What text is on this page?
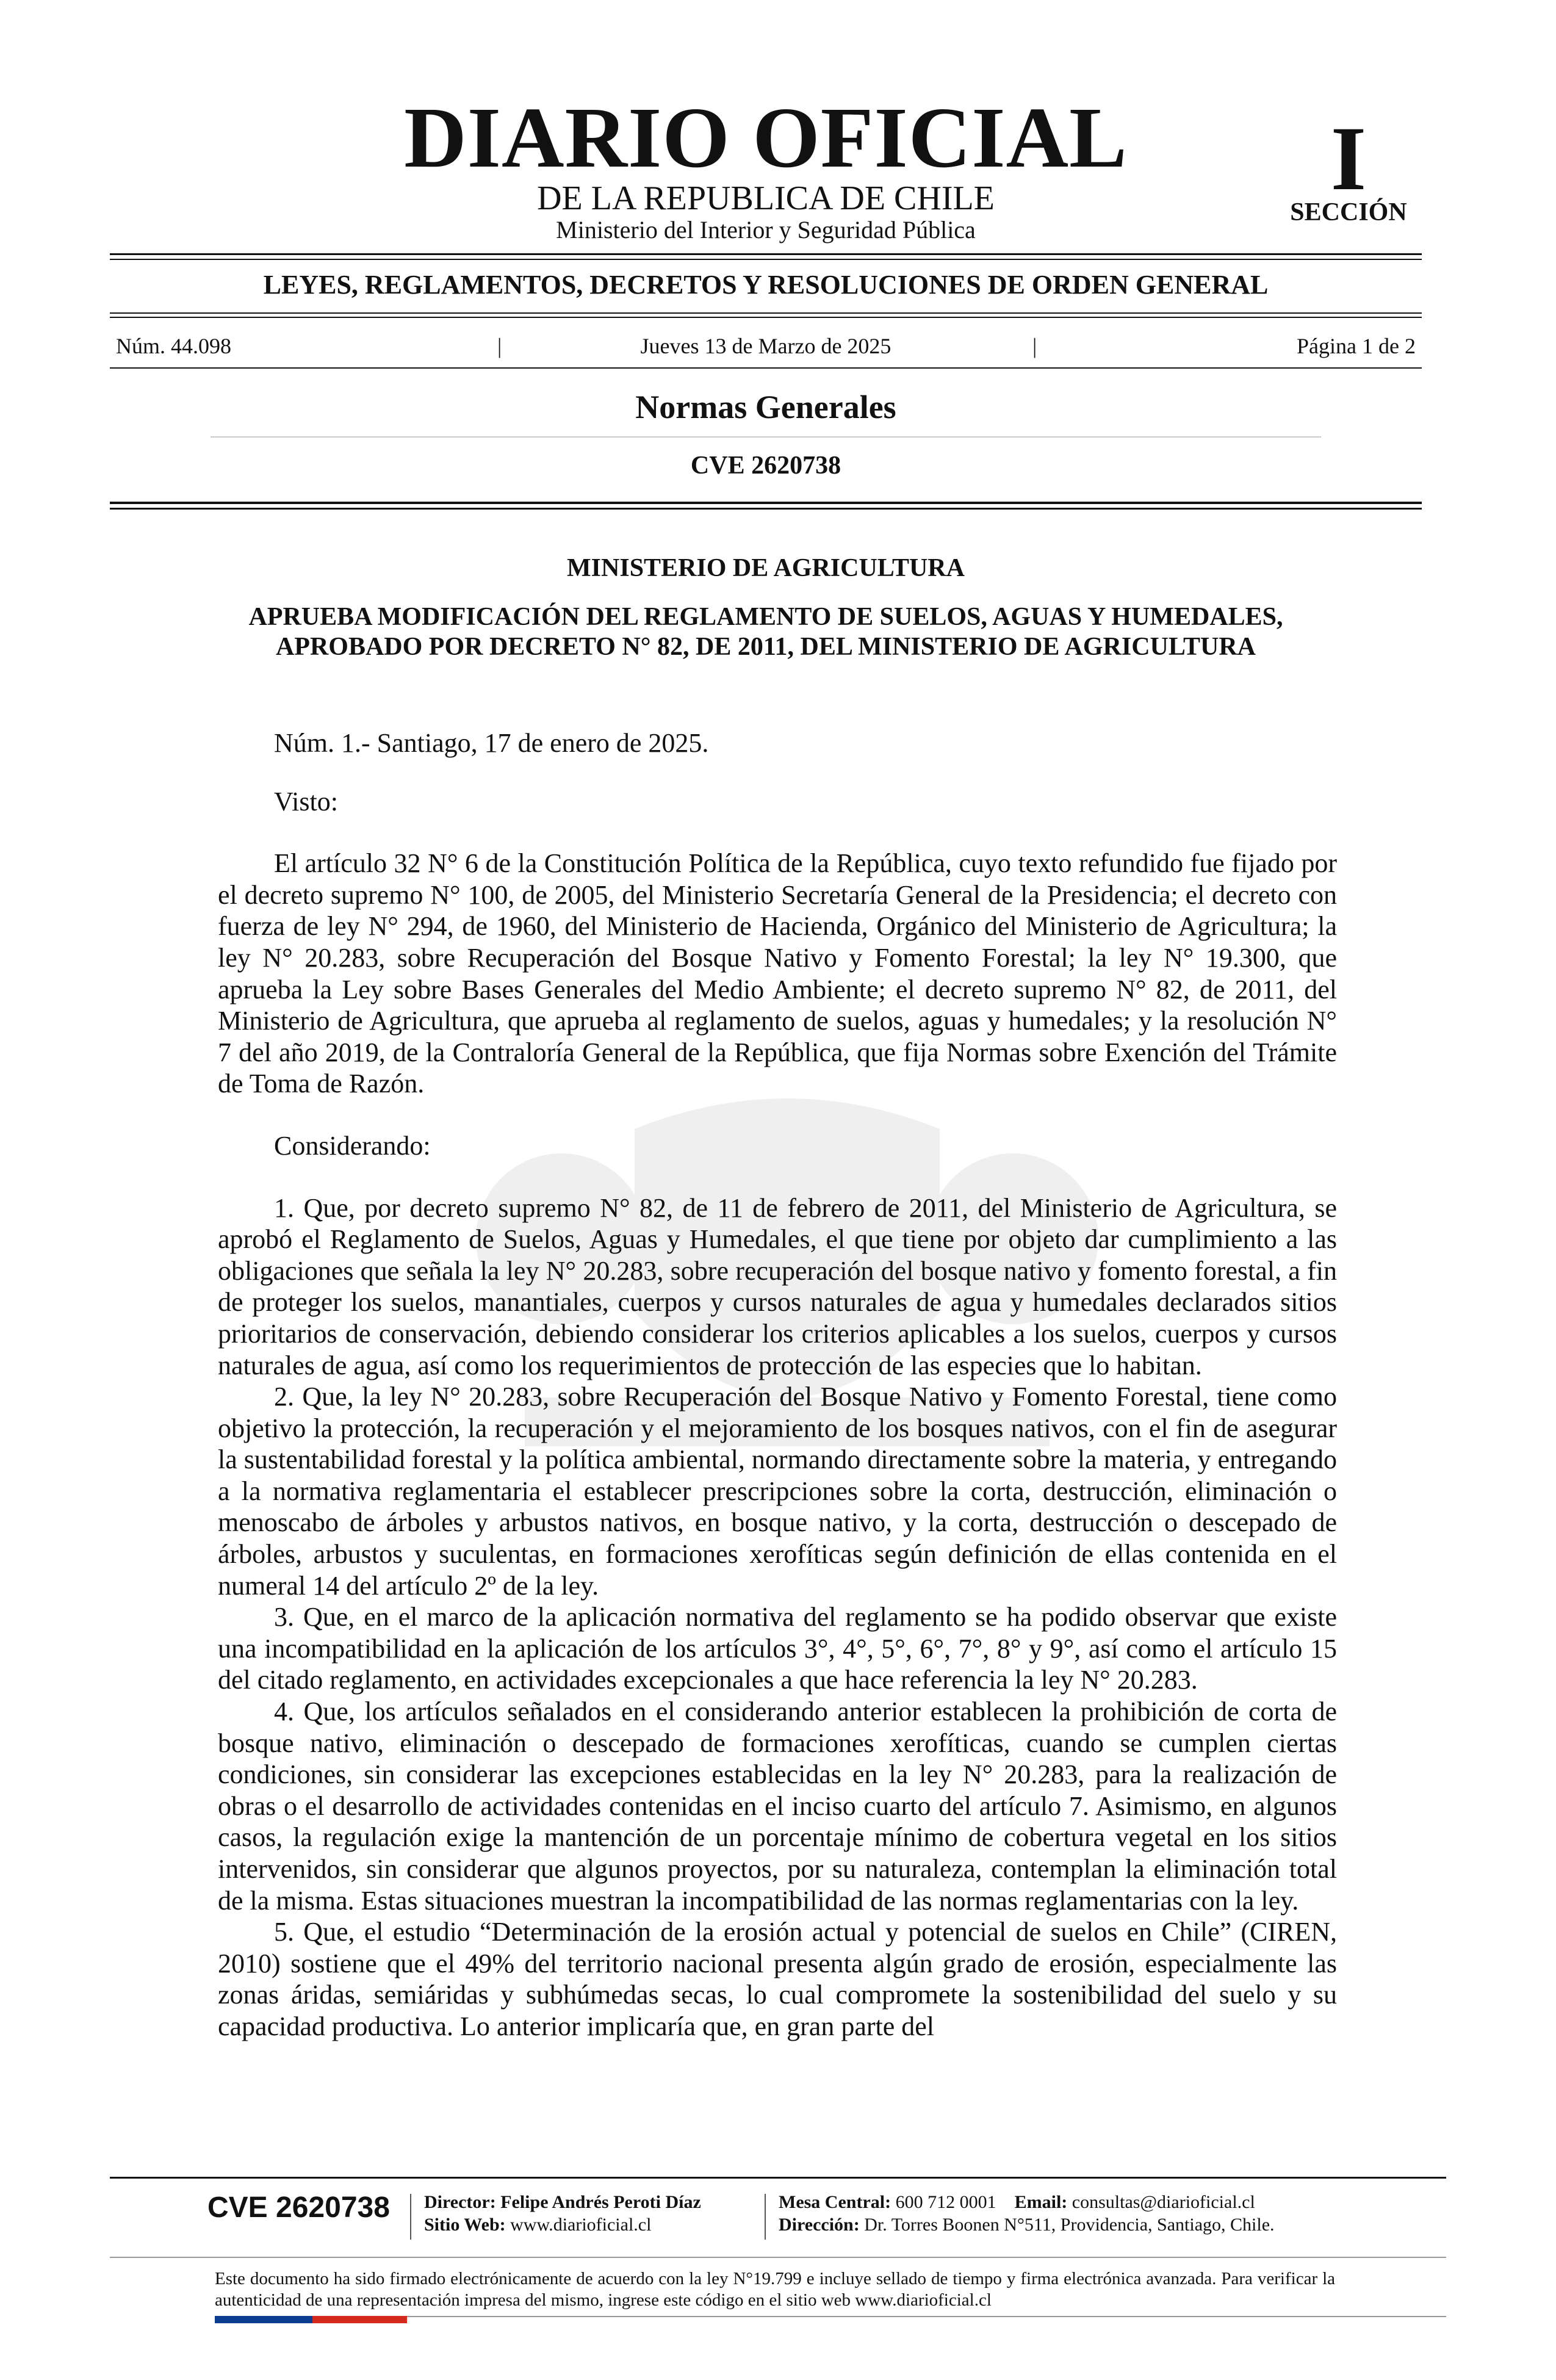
DIARIO OFICIAL
DE LA REPUBLICA DE CHILE
Ministerio del Interior y Seguridad Pública
I
SECCIÓN
LEYES, REGLAMENTOS, DECRETOS Y RESOLUCIONES DE ORDEN GENERAL
Núm. 44.098	|	Jueves 13 de Marzo de 2025	|	Página 1 de 2
Normas Generales
CVE 2620738
MINISTERIO DE AGRICULTURA
APRUEBA MODIFICACIÓN DEL REGLAMENTO DE SUELOS, AGUAS Y HUMEDALES, APROBADO POR DECRETO N° 82, DE 2011, DEL MINISTERIO DE AGRICULTURA

Núm. 1.- Santiago, 17 de enero de 2025.

Visto:

El artículo 32 N° 6 de la Constitución Política de la República, cuyo texto refundido fue fijado por el decreto supremo N° 100, de 2005, del Ministerio Secretaría General de la Presidencia; el decreto con fuerza de ley N° 294, de 1960, del Ministerio de Hacienda, Orgánico del Ministerio de Agricultura; la ley N° 20.283, sobre Recuperación del Bosque Nativo y Fomento Forestal; la ley N° 19.300, que aprueba la Ley sobre Bases Generales del Medio Ambiente; el decreto supremo N° 82, de 2011, del Ministerio de Agricultura, que aprueba al reglamento de suelos, aguas y humedales; y la resolución N° 7 del año 2019, de la Contraloría General de la República, que fija Normas sobre Exención del Trámite de Toma de Razón.

Considerando:

1. Que, por decreto supremo N° 82, de 11 de febrero de 2011, del Ministerio de Agricultura, se aprobó el Reglamento de Suelos, Aguas y Humedales, el que tiene por objeto dar cumplimiento a las obligaciones que señala la ley N° 20.283, sobre recuperación del bosque nativo y fomento forestal, a fin de proteger los suelos, manantiales, cuerpos y cursos naturales de agua y humedales declarados sitios prioritarios de conservación, debiendo considerar los criterios aplicables a los suelos, cuerpos y cursos naturales de agua, así como los requerimientos de protección de las especies que lo habitan.

2. Que, la ley N° 20.283, sobre Recuperación del Bosque Nativo y Fomento Forestal, tiene como objetivo la protección, la recuperación y el mejoramiento de los bosques nativos, con el fin de asegurar la sustentabilidad forestal y la política ambiental, normando directamente sobre la materia, y entregando a la normativa reglamentaria el establecer prescripciones sobre la corta, destrucción, eliminación o menoscabo de árboles y arbustos nativos, en bosque nativo, y la corta, destrucción o descepado de árboles, arbustos y suculentas, en formaciones xerofíticas según definición de ellas contenida en el numeral 14 del artículo 2º de la ley.

3. Que, en el marco de la aplicación normativa del reglamento se ha podido observar que existe una incompatibilidad en la aplicación de los artículos 3°, 4°, 5°, 6°, 7°, 8° y 9°, así como el artículo 15 del citado reglamento, en actividades excepcionales a que hace referencia la ley N° 20.283.

4. Que, los artículos señalados en el considerando anterior establecen la prohibición de corta de bosque nativo, eliminación o descepado de formaciones xerofíticas, cuando se cumplen ciertas condiciones, sin considerar las excepciones establecidas en la ley N° 20.283, para la realización de obras o el desarrollo de actividades contenidas en el inciso cuarto del artículo 7. Asimismo, en algunos casos, la regulación exige la mantención de un porcentaje mínimo de cobertura vegetal en los sitios intervenidos, sin considerar que algunos proyectos, por su naturaleza, contemplan la eliminación total de la misma. Estas situaciones muestran la incompatibilidad de las normas reglamentarias con la ley.

5. Que, el estudio “Determinación de la erosión actual y potencial de suelos en Chile” (CIREN, 2010) sostiene que el 49% del territorio nacional presenta algún grado de erosión, especialmente las zonas áridas, semiáridas y subhúmedas secas, lo cual compromete la sostenibilidad del suelo y su capacidad productiva. Lo anterior implicaría que, en gran parte del

CVE 2620738 Director: Felipe Andrés Peroti Díaz
Sitio Web: www.diarioficial.cl
Mesa Central: 600 712 0001 Email: consultas@diarioficial.cl
Dirección: Dr. Torres Boonen N°511, Providencia, Santiago, Chile.
Este documento ha sido firmado electrónicamente de acuerdo con la ley N°19.799 e incluye sellado de tiempo y firma electrónica avanzada. Para verificar la autenticidad de una representación impresa del mismo, ingrese este código en el sitio web www.diarioficial.cl
